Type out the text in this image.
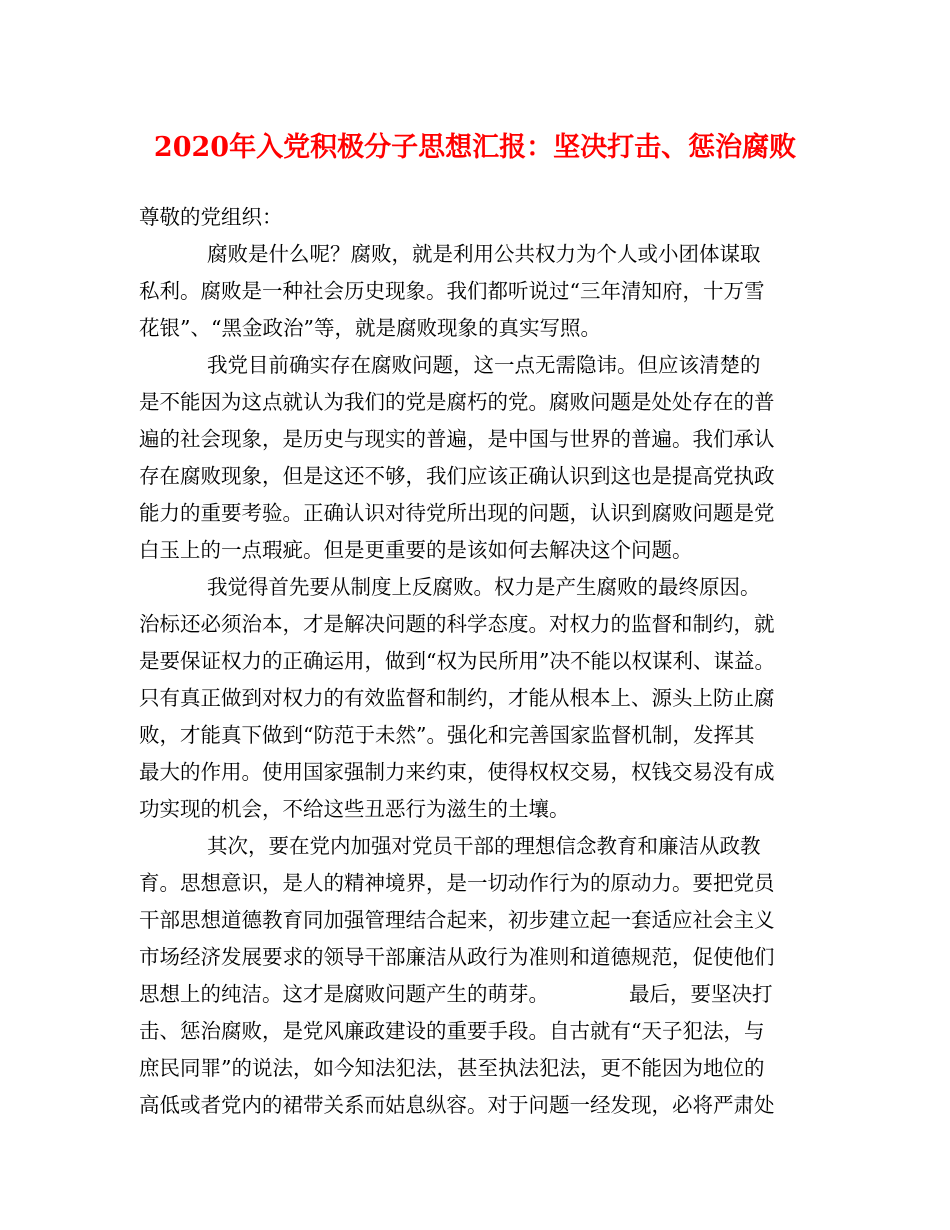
2020年入党积极分子思想汇报：坚决打击、惩治腐败
尊敬的党组织：
腐败是什么呢？腐败，就是利用公共权力为个人或小团体谋取
私利。腐败是一种社会历史现象。我们都听说过“三年清知府，十万雪
花银”、“黑金政治”等，就是腐败现象的真实写照。
我党目前确实存在腐败问题，这一点无需隐讳。但应该清楚的
是不能因为这点就认为我们的党是腐朽的党。腐败问题是处处存在的普
遍的社会现象，是历史与现实的普遍，是中国与世界的普遍。我们承认
存在腐败现象，但是这还不够，我们应该正确认识到这也是提高党执政
能力的重要考验。正确认识对待党所出现的问题，认识到腐败问题是党
白玉上的一点瑕疵。但是更重要的是该如何去解决这个问题。
我觉得首先要从制度上反腐败。权力是产生腐败的最终原因。
治标还必须治本，才是解决问题的科学态度。对权力的监督和制约，就
是要保证权力的正确运用，做到“权为民所用”决不能以权谋利、谋益。
只有真正做到对权力的有效监督和制约，才能从根本上、源头上防止腐
败，才能真下做到“防范于未然”。强化和完善国家监督机制，发挥其
最大的作用。使用国家强制力来约束，使得权权交易，权钱交易没有成
功实现的机会，不给这些丑恶行为滋生的土壤。
其次，要在党内加强对党员干部的理想信念教育和廉洁从政教
育。思想意识，是人的精神境界，是一切动作行为的原动力。要把党员
干部思想道德教育同加强管理结合起来，初步建立起一套适应社会主义
市场经济发展要求的领导干部廉洁从政行为准则和道德规范，促使他们
思想上的纯洁。这才是腐败问题产生的萌芽。	最后，要坚决打
击、惩治腐败，是党风廉政建设的重要手段。自古就有“天子犯法，与
庶民同罪”的说法，如今知法犯法，甚至执法犯法，更不能因为地位的
高低或者党内的裙带关系而姑息纵容。对于问题一经发现，必将严肃处
